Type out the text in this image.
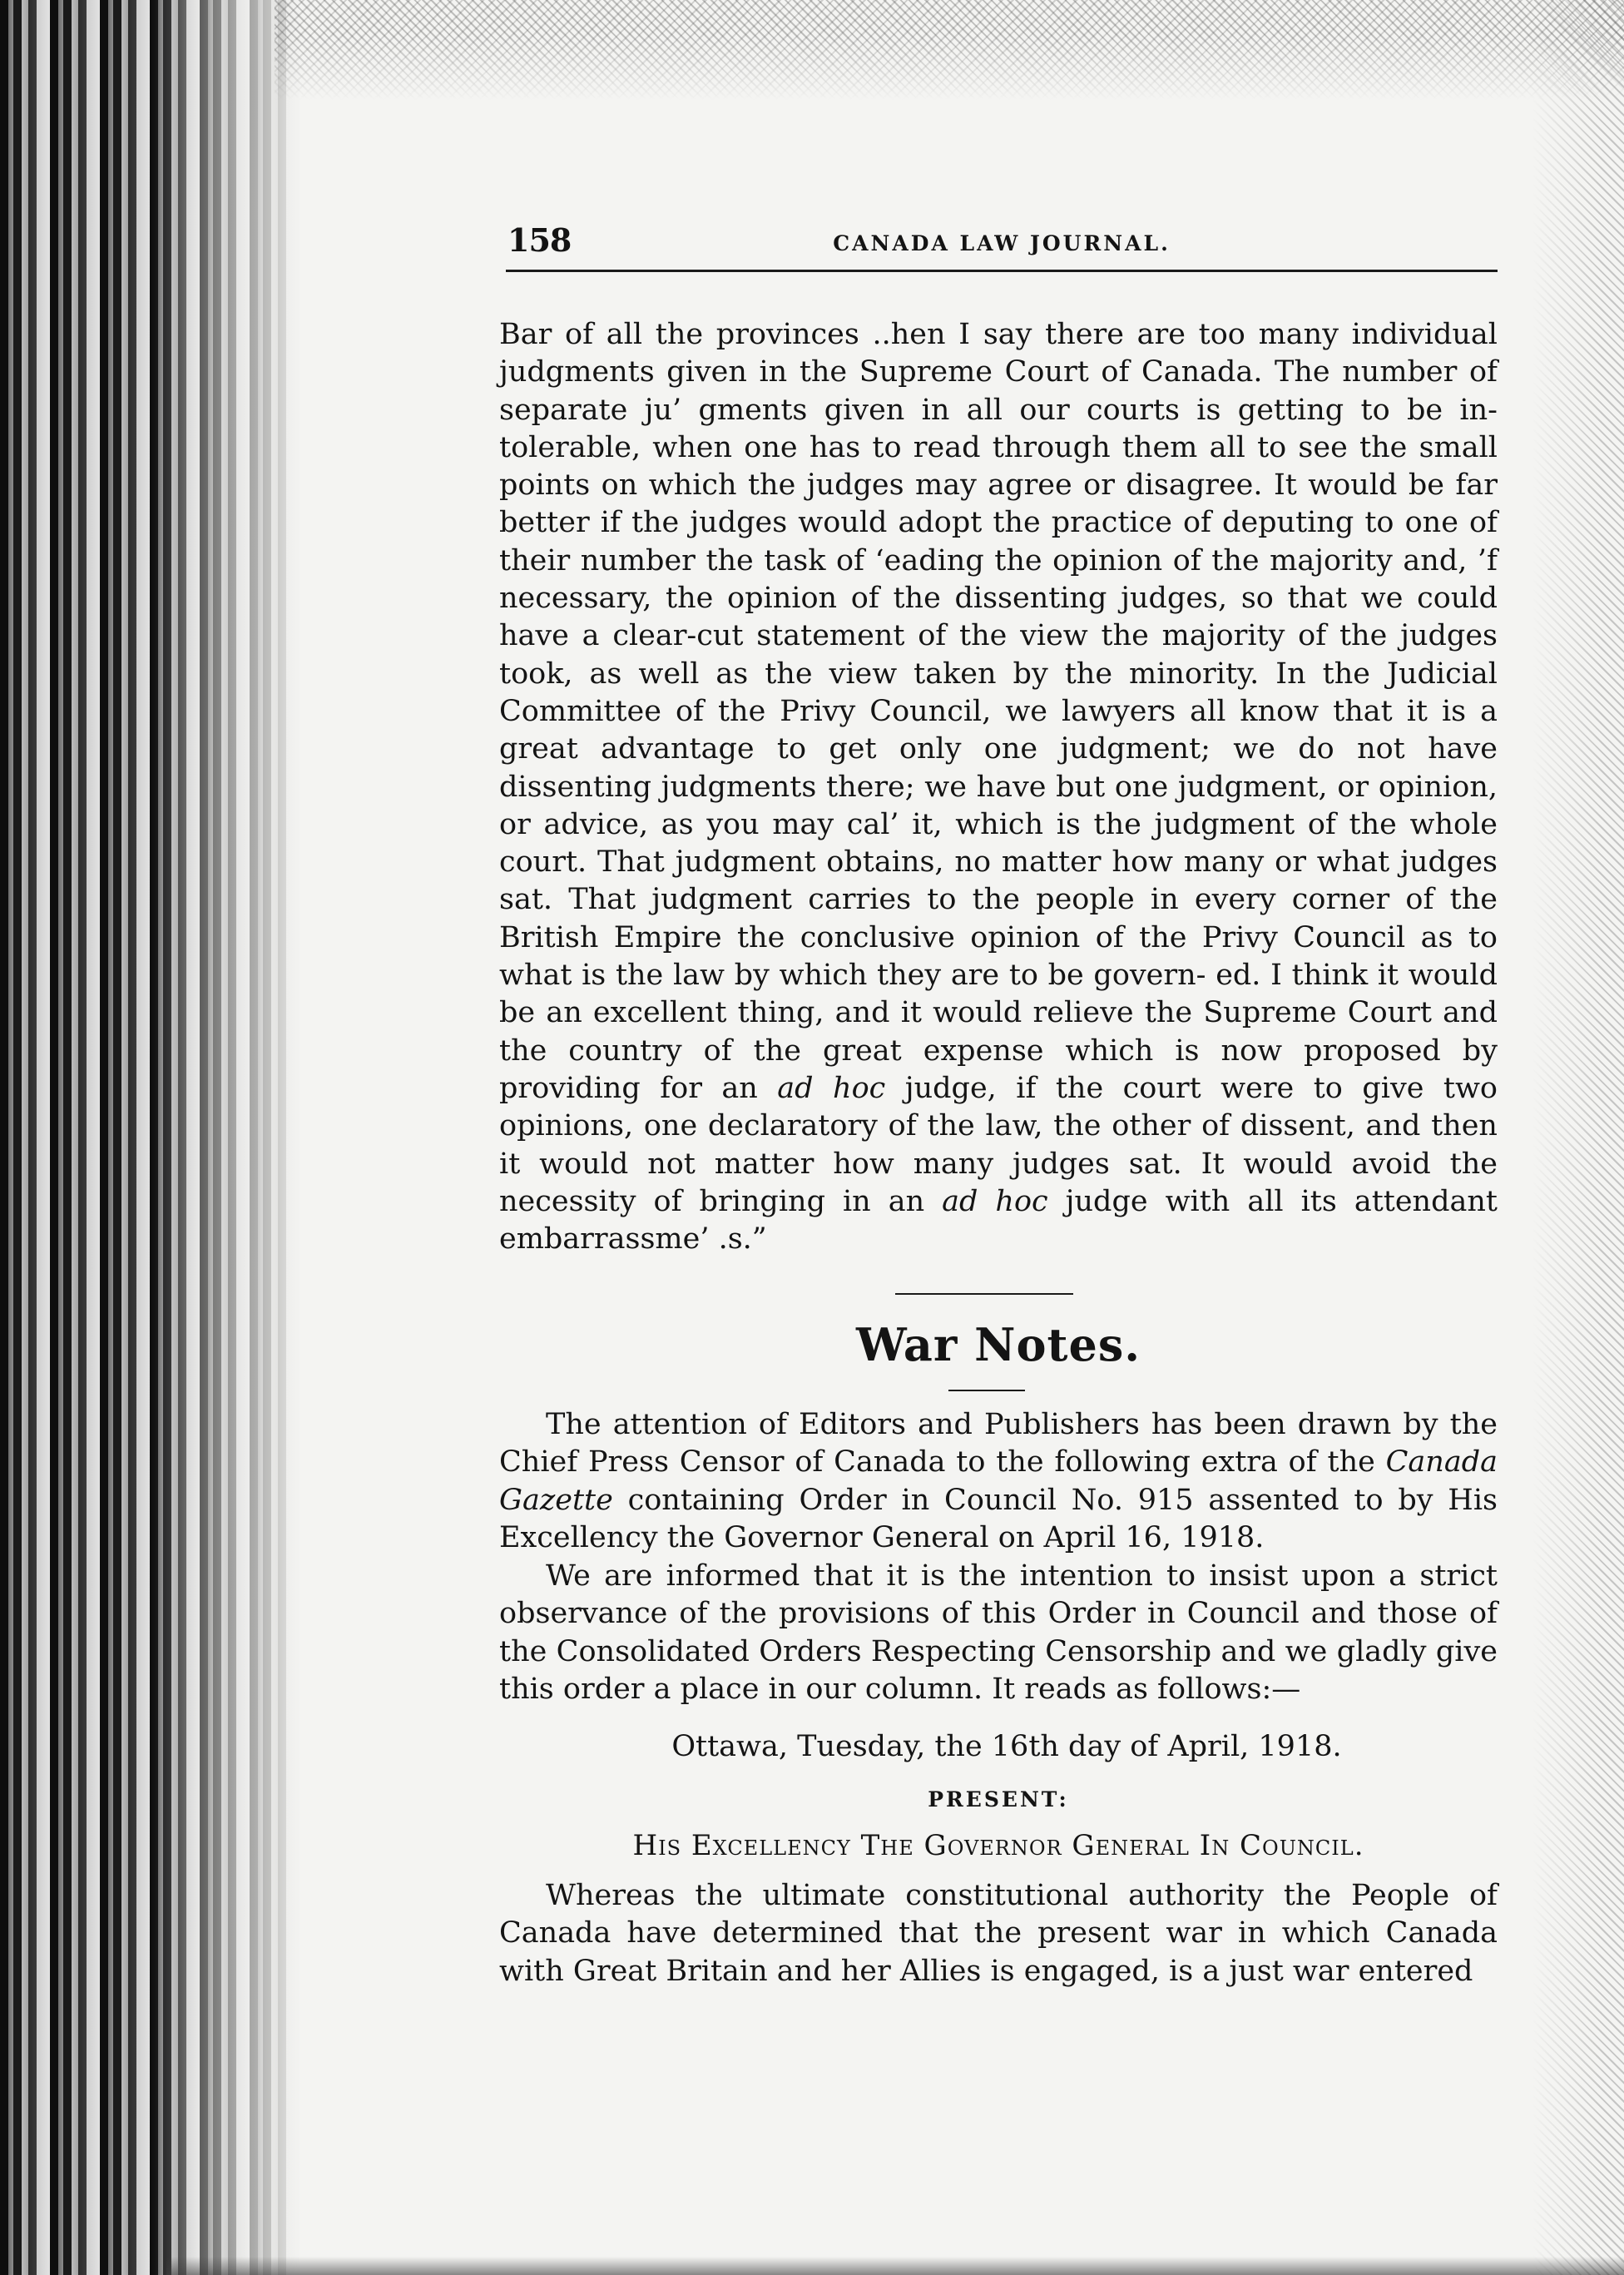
158	CANADA LAW JOURNAL.

Bar of all the provinces ..hen I say there are too many individual judgments given in the Supreme Court of Canada. The number of separate ju’ gments given in all our courts is getting to be in- tolerable, when one has to read through them all to see the small points on which the judges may agree or disagree. It would be far better if the judges would adopt the practice of deputing to one of their number the task of ‘eading the opinion of the majority and, ’f necessary, the opinion of the dissenting judges, so that we could have a clear-cut statement of the view the majority of the judges took, as well as the view taken by the minority. In the Judicial Committee of the Privy Council, we lawyers all know that it is a great advantage to get only one judgment; we do not have dissenting judgments there; we have but one judgment, or opinion, or advice, as you may cal’ it, which is the judgment of the whole court. That judgment obtains, no matter how many or what judges sat. That judgment carries to the people in every corner of the British Empire the conclusive opinion of the Privy Council as to what is the law by which they are to be govern- ed. I think it would be an excellent thing, and it would relieve the Supreme Court and the country of the great expense which is now proposed by providing for an ad hoc judge, if the court were to give two opinions, one declaratory of the law, the other of dissent, and then it would not matter how many judges sat. It would avoid the necessity of bringing in an ad hoc judge with all its attendant embarrassme’ .s.”

War Notes.

The attention of Editors and Publishers has been drawn by the Chief Press Censor of Canada to the following extra of the Canada Gazette containing Order in Council No. 915 assented to by His Excellency the Governor General on April 16, 1918.

We are informed that it is the intention to insist upon a strict observance of the provisions of this Order in Council and those of the Consolidated Orders Respecting Censorship and we gladly give this order a place in our column. It reads as follows:—

Ottawa, Tuesday, the 16th day of April, 1918.
PRESENT:
His Excellency The Governor General In Council.

Whereas the ultimate constitutional authority the People of Canada have determined that the present war in which Canada with Great Britain and her Allies is engaged, is a just war entered
